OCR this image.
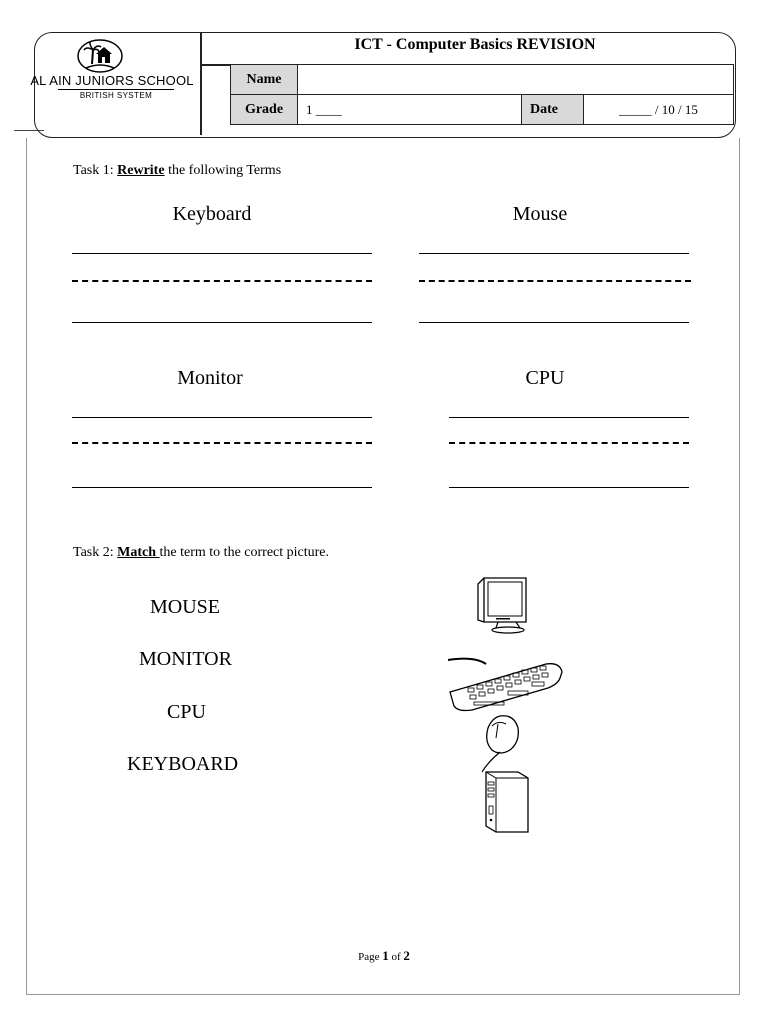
AL AIN JUNIORS SCHOOL
BRITISH SYSTEM
ICT - Computer Basics REVISION
Name
Grade	1 ____	Date	_____ / 10 / 15
Task 1: Rewrite the following Terms
Keyboard	Mouse
Monitor	CPU
Task 2: Match the term to the correct picture.
MOUSE
MONITOR
CPU
KEYBOARD
Page 1 of 2
